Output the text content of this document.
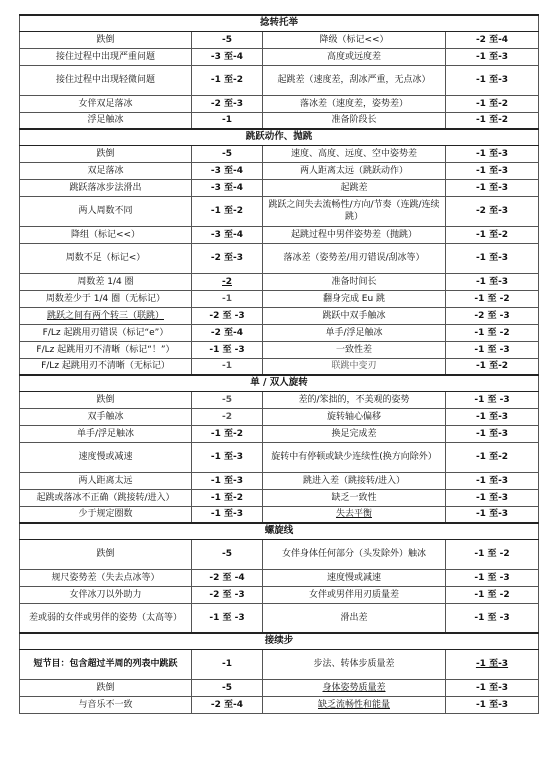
捻转托举			
跌倒	-5	降级（标记<<）	-2 至-4
接住过程中出现严重问题	-3 至-4	高度或远度差	-1 至-3
接住过程中出现轻微问题	-1 至-2	起跳差（速度差，刮冰严重，无点冰）	-1 至-3
女伴双足落冰	-2 至-3	落冰差（速度差，姿势差）	-1 至-2
浮足触冰	-1	准备阶段长	-1 至-2
跳跃动作、抛跳			
跌倒	-5	速度、高度、远度、空中姿势差	-1 至-3
双足落冰	-3 至-4	两人距离太远（跳跃动作）	-1 至-3
跳跃落冰步法滑出	-3 至-4	起跳差	-1 至-3
两人周数不同	-1 至-2	跳跃之间失去流畅性/方向/节奏（连跳/连续跳）	-2 至-3
降组（标记<<）	-3 至-4	起跳过程中男伴姿势差（抛跳）	-1 至-2
周数不足（标记<）	-2 至-3	落冰差（姿势差/用刃错误/刮冰等）	-1 至-3
周数差 1/4 圈	-2	准备时间长	-1 至-3
周数差少于 1/4 圈（无标记）	-1	翻身完成 Eu 跳	-1 至 -2
跳跃之间有两个转三（联跳）	-2 至 -3	跳跃中双手触冰	-2 至 -3
F/Lz 起跳用刃错误（标记“e”）	-2 至-4	单手/浮足触冰	-1 至 -2
F/Lz 起跳用刃不清晰（标记“！”）	-1 至 -3	一致性差	-1 至 -3
F/Lz 起跳用刃不清晰（无标记）	-1	联跳中变刃	-1 至-2
单 / 双人旋转			
跌倒	-5	差的/笨拙的，不美观的姿势	-1 至 -3
双手触冰	-2	旋转轴心偏移	-1 至-3
单手/浮足触冰	-1 至-2	换足完成差	-1 至-3
速度慢或减速	-1 至-3	旋转中有停顿或缺少连续性(换方向除外）	-1 至-2
两人距离太远	-1 至-3	跳进入差（跳接转/进入）	-1 至-3
起跳或落冰不正确（跳接转/进入）	-1 至-2	缺乏一致性	-1 至-3
少于规定圈数	-1 至-3	失去平衡	-1 至-3
螺旋线			
跌倒	-5	女伴身体任何部分（头发除外）触冰	-1 至 -2
规尺姿势差（失去点冰等）	-2 至 -4	速度慢或减速	-1 至 -3
女伴冰刀以外助力	-2 至 -3	女伴或男伴用刃质量差	-1 至 -2
差或弱的女伴或男伴的姿势（太高等）	-1 至 -3	滑出差	-1 至 -3
接续步			
短节目：包含超过半周的列表中跳跃	-1	步法、转体步质量差	-1 至-3
跌倒	-5	身体姿势质量差	-1 至-3
与音乐不一致	-2 至-4	缺乏流畅性和能量	-1 至-3
